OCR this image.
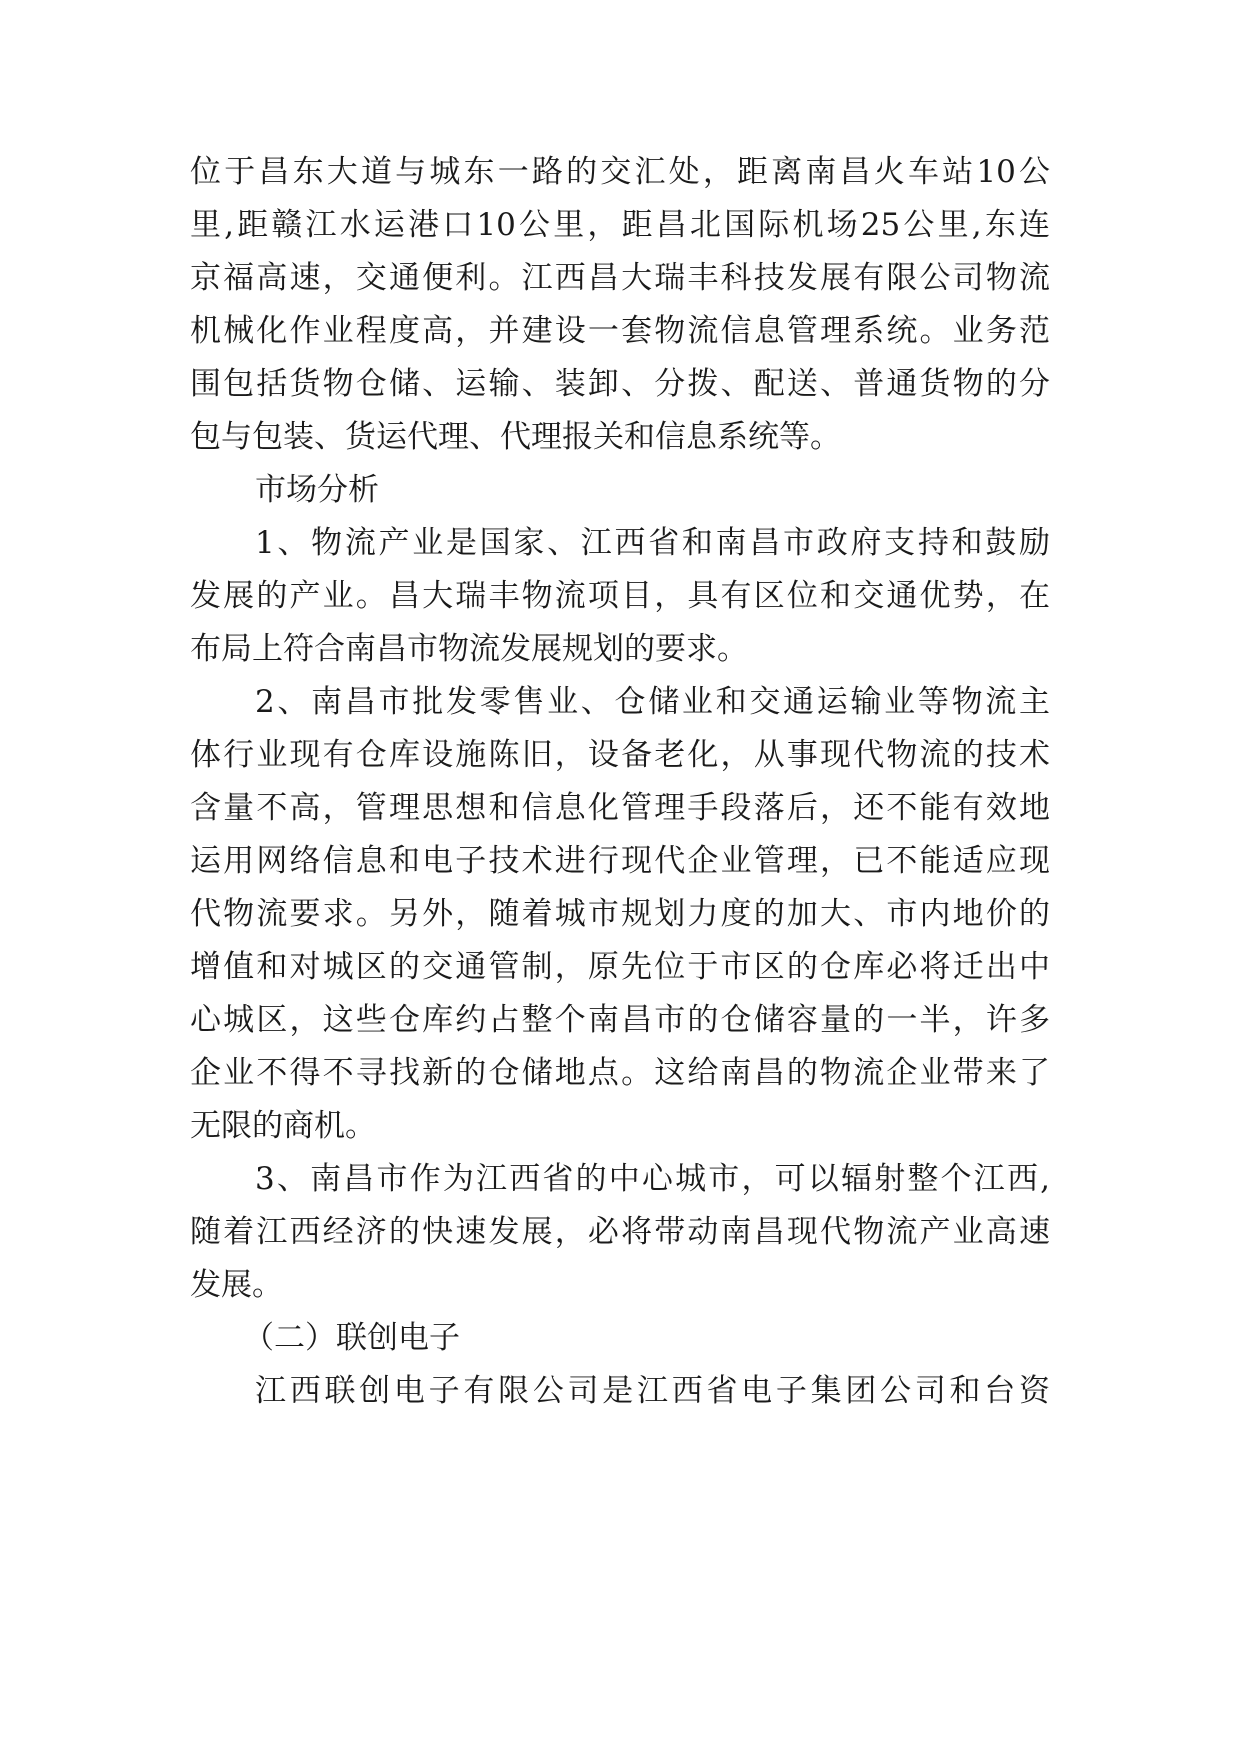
位于昌东大道与城东一路的交汇处，距离南昌火车站10公
里,距赣江水运港口10公里，距昌北国际机场25公里,东连
京福高速，交通便利。江西昌大瑞丰科技发展有限公司物流
机械化作业程度高，并建设一套物流信息管理系统。业务范
围包括货物仓储、运输、装卸、分拨、配送、普通货物的分
包与包装、货运代理、代理报关和信息系统等。
市场分析
1、物流产业是国家、江西省和南昌市政府支持和鼓励
发展的产业。昌大瑞丰物流项目，具有区位和交通优势，在
布局上符合南昌市物流发展规划的要求。
2、南昌市批发零售业、仓储业和交通运输业等物流主
体行业现有仓库设施陈旧，设备老化，从事现代物流的技术
含量不高，管理思想和信息化管理手段落后，还不能有效地
运用网络信息和电子技术进行现代企业管理，已不能适应现
代物流要求。另外，随着城市规划力度的加大、市内地价的
增值和对城区的交通管制，原先位于市区的仓库必将迁出中
心城区，这些仓库约占整个南昌市的仓储容量的一半，许多
企业不得不寻找新的仓储地点。这给南昌的物流企业带来了
无限的商机。
3、南昌市作为江西省的中心城市，可以辐射整个江西,
随着江西经济的快速发展，必将带动南昌现代物流产业高速
发展。
（二）联创电子
江西联创电子有限公司是江西省电子集团公司和台资
